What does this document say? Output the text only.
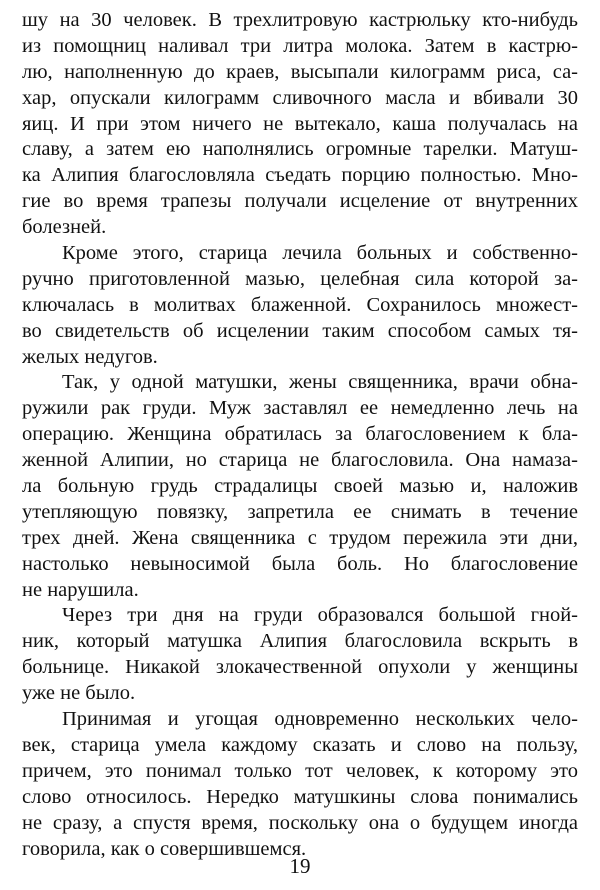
шу на 30 человек. В трехлитровую кастрюльку кто-нибудь
из помощниц наливал три литра молока. Затем в кастрю-
лю, наполненную до краев, высыпали килограмм риса, са-
хар, опускали килограмм сливочного масла и вбивали 30
яиц. И при этом ничего не вытекало, каша получалась на
славу, а затем ею наполнялись огромные тарелки. Матуш-
ка Алипия благословляла съедать порцию полностью. Мно-
гие во время трапезы получали исцеление от внутренних
болезней.
Кроме этого, старица лечила больных и собственно-
ручно приготовленной мазью, целебная сила которой за-
ключалась в молитвах блаженной. Сохранилось множест-
во свидетельств об исцелении таким способом самых тя-
желых недугов.
Так, у одной матушки, жены священника, врачи обна-
ружили рак груди. Муж заставлял ее немедленно лечь на
операцию. Женщина обратилась за благословением к бла-
женной Алипии, но старица не благословила. Она намаза-
ла больную грудь страдалицы своей мазью и, наложив
утепляющую повязку, запретила ее снимать в течение
трех дней. Жена священника с трудом пережила эти дни,
настолько невыносимой была боль. Но благословение
не нарушила.
Через три дня на груди образовался большой гной-
ник, который матушка Алипия благословила вскрыть в
больнице. Никакой злокачественной опухоли у женщины
уже не было.
Принимая и угощая одновременно нескольких чело-
век, старица умела каждому сказать и слово на пользу,
причем, это понимал только тот человек, к которому это
слово относилось. Нередко матушкины слова понимались
не сразу, а спустя время, поскольку она о будущем иногда
говорила, как о совершившемся.
19
